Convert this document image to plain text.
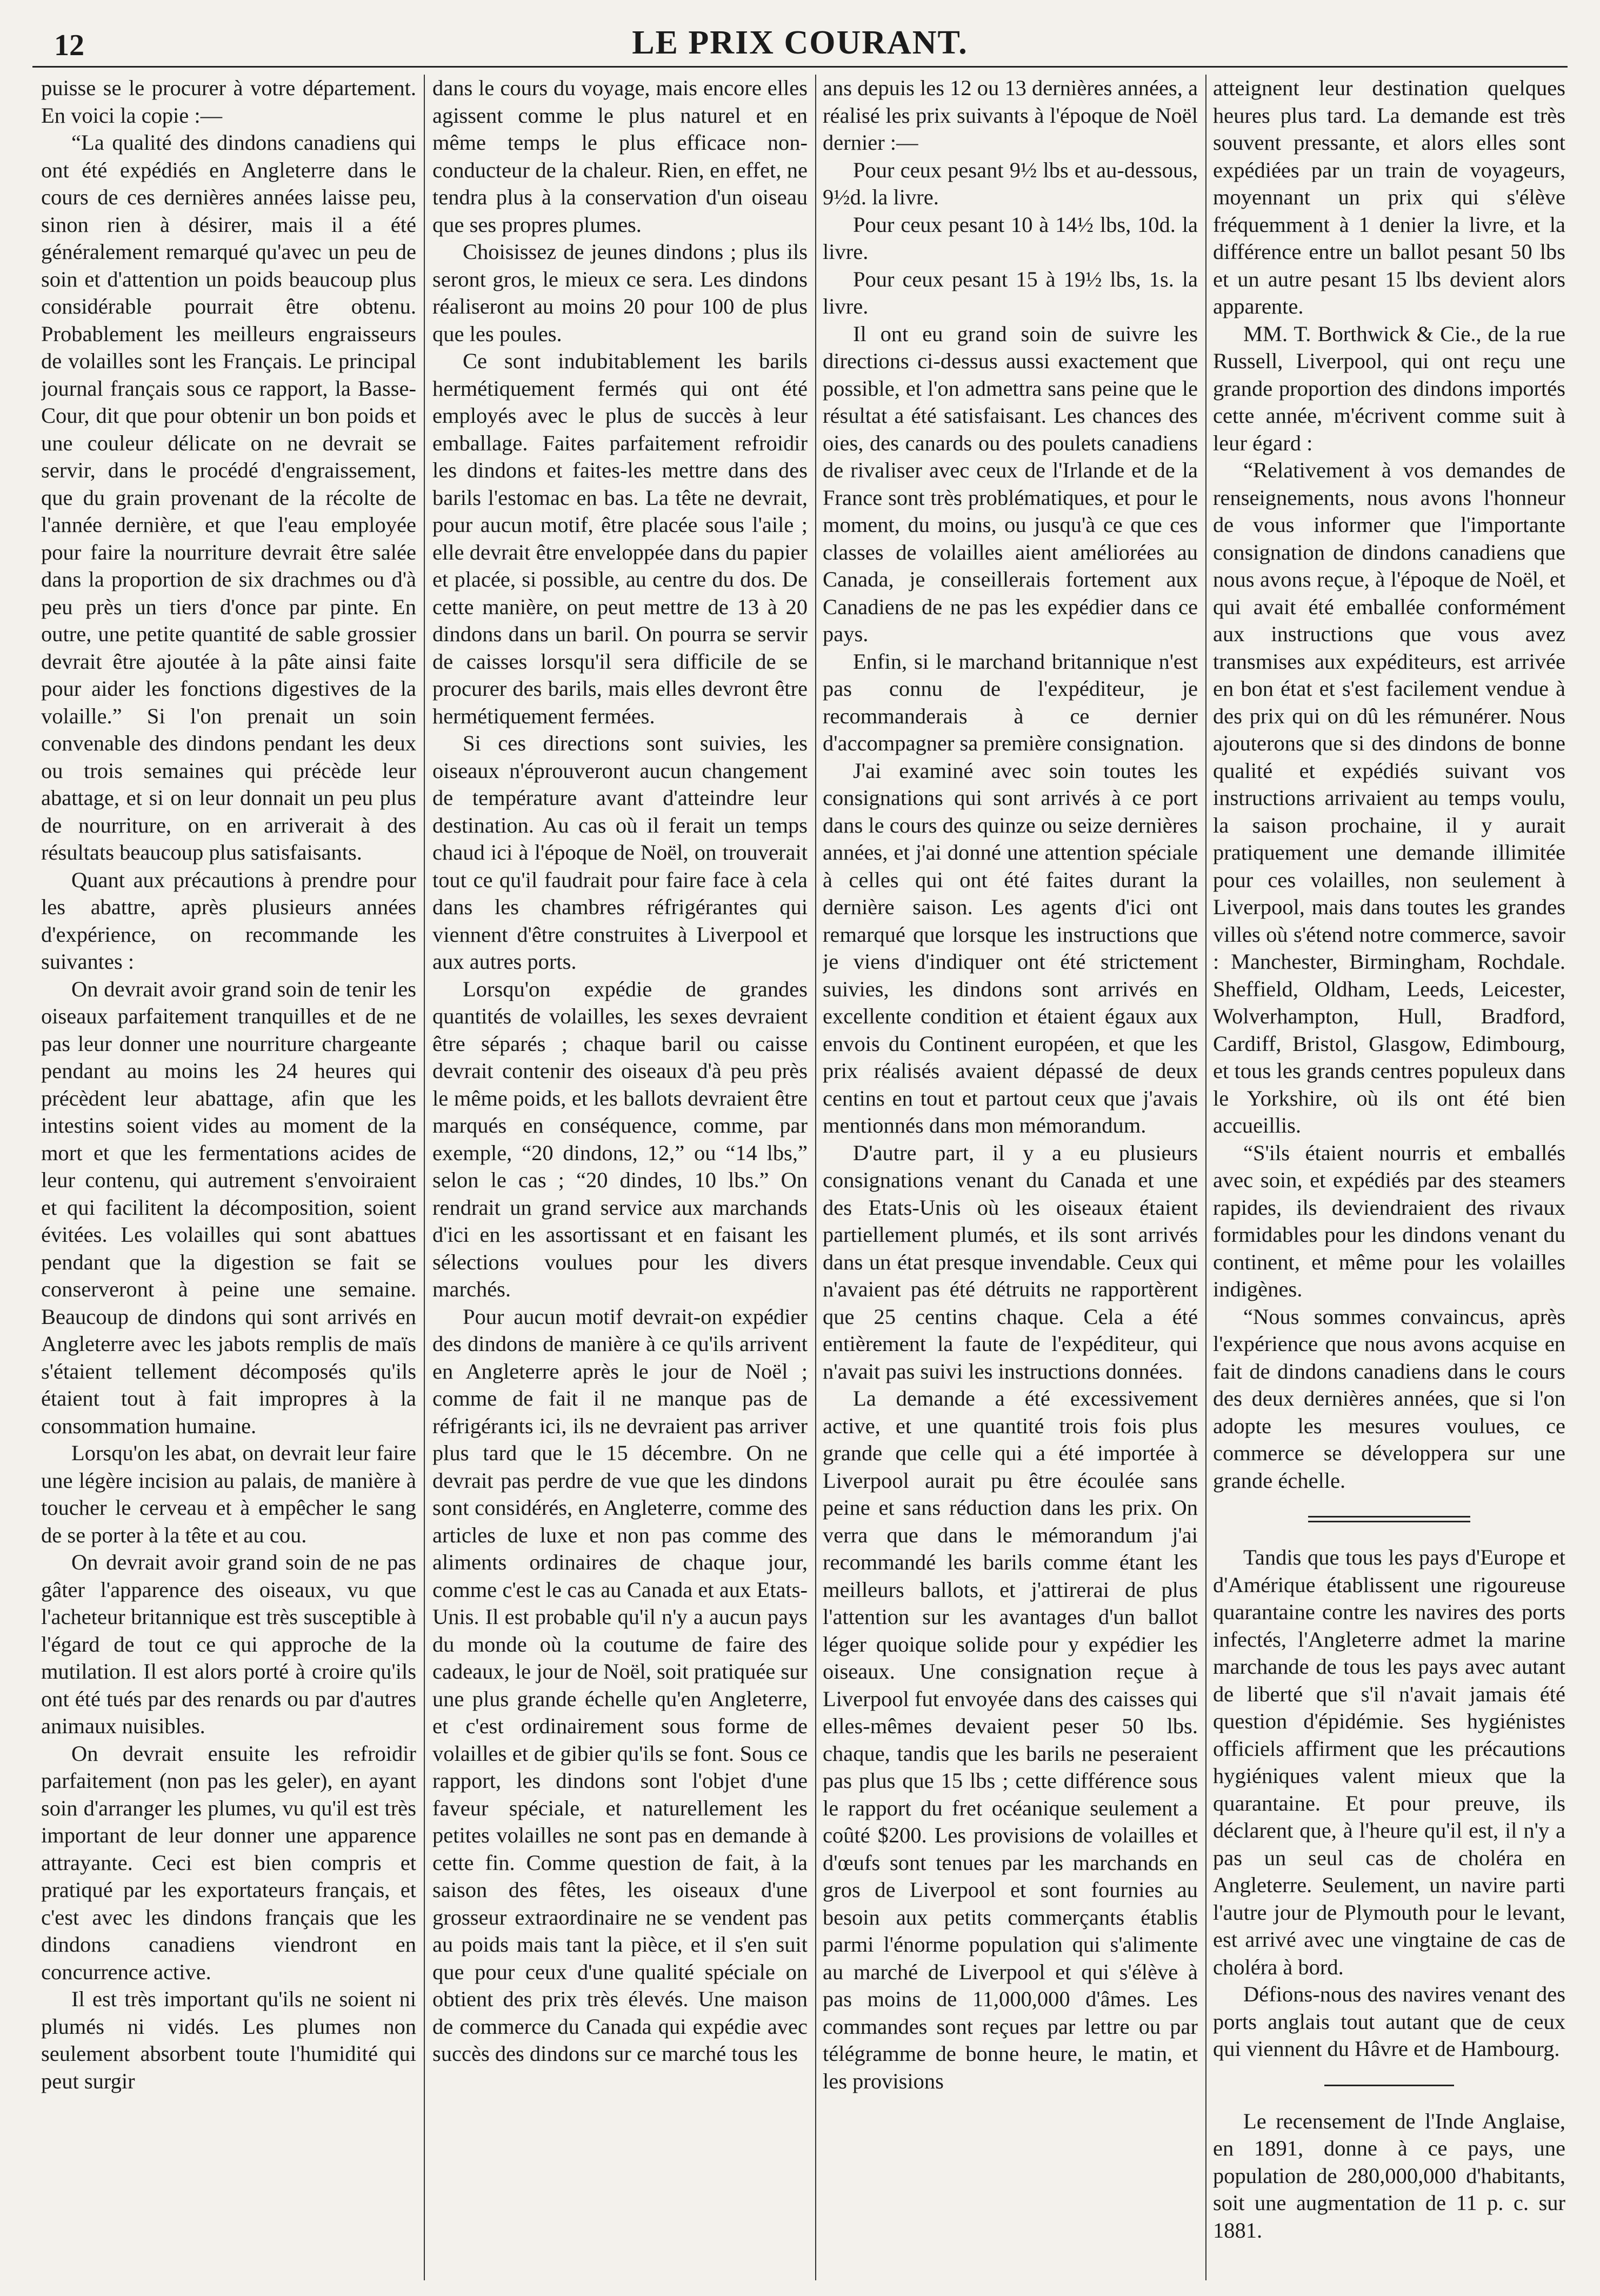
12	LE PRIX COURANT.

puisse se le procurer à votre département. En voici la copie :—

“La qualité des dindons canadiens qui ont été expédiés en Angleterre dans le cours de ces dernières années laisse peu, sinon rien à désirer, mais il a été généralement remarqué qu'avec un peu de soin et d'attention un poids beaucoup plus considérable pourrait être obtenu. Probablement les meilleurs engraisseurs de volailles sont les Français. Le principal journal français sous ce rapport, la Basse-Cour, dit que pour obtenir un bon poids et une couleur délicate on ne devrait se servir, dans le procédé d'engraissement, que du grain provenant de la récolte de l'année dernière, et que l'eau employée pour faire la nourriture devrait être salée dans la proportion de six drachmes ou d'à peu près un tiers d'once par pinte. En outre, une petite quantité de sable grossier devrait être ajoutée à la pâte ainsi faite pour aider les fonctions digestives de la volaille.” Si l'on prenait un soin convenable des dindons pendant les deux ou trois semaines qui précède leur abattage, et si on leur donnait un peu plus de nourriture, on en arriverait à des résultats beaucoup plus satisfaisants.

Quant aux précautions à prendre pour les abattre, après plusieurs années d'expérience, on recommande les suivantes :

On devrait avoir grand soin de tenir les oiseaux parfaitement tranquilles et de ne pas leur donner une nourriture chargeante pendant au moins les 24 heures qui précèdent leur abattage, afin que les intestins soient vides au moment de la mort et que les fermentations acides de leur contenu, qui autrement s'envoiraient et qui facilitent la décomposition, soient évitées. Les volailles qui sont abattues pendant que la digestion se fait se conserveront à peine une semaine. Beaucoup de dindons qui sont arrivés en Angleterre avec les jabots remplis de maïs s'étaient tellement décomposés qu'ils étaient tout à fait impropres à la consommation humaine.

Lorsqu'on les abat, on devrait leur faire une légère incision au palais, de manière à toucher le cerveau et à empêcher le sang de se porter à la tête et au cou.

On devrait avoir grand soin de ne pas gâter l'apparence des oiseaux, vu que l'acheteur britannique est très susceptible à l'égard de tout ce qui approche de la mutilation. Il est alors porté à croire qu'ils ont été tués par des renards ou par d'autres animaux nuisibles.

On devrait ensuite les refroidir parfaitement (non pas les geler), en ayant soin d'arranger les plumes, vu qu'il est très important de leur donner une apparence attrayante. Ceci est bien compris et pratiqué par les exportateurs français, et c'est avec les dindons français que les dindons canadiens viendront en concurrence active.

Il est très important qu'ils ne soient ni plumés ni vidés. Les plumes non seulement absorbent toute l'humidité qui peut surgir

dans le cours du voyage, mais encore elles agissent comme le plus naturel et en même temps le plus efficace non-conducteur de la chaleur. Rien, en effet, ne tendra plus à la conservation d'un oiseau que ses propres plumes.

Choisissez de jeunes dindons ; plus ils seront gros, le mieux ce sera. Les dindons réaliseront au moins 20 pour 100 de plus que les poules.

Ce sont indubitablement les barils hermétiquement fermés qui ont été employés avec le plus de succès à leur emballage. Faites parfaitement refroidir les dindons et faites-les mettre dans des barils l'estomac en bas. La tête ne devrait, pour aucun motif, être placée sous l'aile ; elle devrait être enveloppée dans du papier et placée, si possible, au centre du dos. De cette manière, on peut mettre de 13 à 20 dindons dans un baril. On pourra se servir de caisses lorsqu'il sera difficile de se procurer des barils, mais elles devront être hermétiquement fermées.

Si ces directions sont suivies, les oiseaux n'éprouveront aucun changement de température avant d'atteindre leur destination. Au cas où il ferait un temps chaud ici à l'époque de Noël, on trouverait tout ce qu'il faudrait pour faire face à cela dans les chambres réfrigérantes qui viennent d'être construites à Liverpool et aux autres ports.

Lorsqu'on expédie de grandes quantités de volailles, les sexes devraient être séparés ; chaque baril ou caisse devrait contenir des oiseaux d'à peu près le même poids, et les ballots devraient être marqués en conséquence, comme, par exemple, “20 dindons, 12,” ou “14 lbs,” selon le cas ; “20 dindes, 10 lbs.” On rendrait un grand service aux marchands d'ici en les assortissant et en faisant les sélections voulues pour les divers marchés.

Pour aucun motif devrait-on expédier des dindons de manière à ce qu'ils arrivent en Angleterre après le jour de Noël ; comme de fait il ne manque pas de réfrigérants ici, ils ne devraient pas arriver plus tard que le 15 décembre. On ne devrait pas perdre de vue que les dindons sont considérés, en Angleterre, comme des articles de luxe et non pas comme des aliments ordinaires de chaque jour, comme c'est le cas au Canada et aux Etats-Unis. Il est probable qu'il n'y a aucun pays du monde où la coutume de faire des cadeaux, le jour de Noël, soit pratiquée sur une plus grande échelle qu'en Angleterre, et c'est ordinairement sous forme de volailles et de gibier qu'ils se font. Sous ce rapport, les dindons sont l'objet d'une faveur spéciale, et naturellement les petites volailles ne sont pas en demande à cette fin. Comme question de fait, à la saison des fêtes, les oiseaux d'une grosseur extraordinaire ne se vendent pas au poids mais tant la pièce, et il s'en suit que pour ceux d'une qualité spéciale on obtient des prix très élevés. Une maison de commerce du Canada qui expédie avec succès des dindons sur ce marché tous les

ans depuis les 12 ou 13 dernières années, a réalisé les prix suivants à l'époque de Noël dernier :—

Pour ceux pesant 9½ lbs et au-dessous, 9½d. la livre.

Pour ceux pesant 10 à 14½ lbs, 10d. la livre.

Pour ceux pesant 15 à 19½ lbs, 1s. la livre.

Il ont eu grand soin de suivre les directions ci-dessus aussi exactement que possible, et l'on admettra sans peine que le résultat a été satisfaisant. Les chances des oies, des canards ou des poulets canadiens de rivaliser avec ceux de l'Irlande et de la France sont très problématiques, et pour le moment, du moins, ou jusqu'à ce que ces classes de volailles aient améliorées au Canada, je conseillerais fortement aux Canadiens de ne pas les expédier dans ce pays.

Enfin, si le marchand britannique n'est pas connu de l'expéditeur, je recommanderais à ce dernier d'accompagner sa première consignation.

J'ai examiné avec soin toutes les consignations qui sont arrivés à ce port dans le cours des quinze ou seize dernières années, et j'ai donné une attention spéciale à celles qui ont été faites durant la dernière saison. Les agents d'ici ont remarqué que lorsque les instructions que je viens d'indiquer ont été strictement suivies, les dindons sont arrivés en excellente condition et étaient égaux aux envois du Continent européen, et que les prix réalisés avaient dépassé de deux centins en tout et partout ceux que j'avais mentionnés dans mon mémorandum.

D'autre part, il y a eu plusieurs consignations venant du Canada et une des Etats-Unis où les oiseaux étaient partiellement plumés, et ils sont arrivés dans un état presque invendable. Ceux qui n'avaient pas été détruits ne rapportèrent que 25 centins chaque. Cela a été entièrement la faute de l'expéditeur, qui n'avait pas suivi les instructions données.

La demande a été excessivement active, et une quantité trois fois plus grande que celle qui a été importée à Liverpool aurait pu être écoulée sans peine et sans réduction dans les prix. On verra que dans le mémorandum j'ai recommandé les barils comme étant les meilleurs ballots, et j'attirerai de plus l'attention sur les avantages d'un ballot léger quoique solide pour y expédier les oiseaux. Une consignation reçue à Liverpool fut envoyée dans des caisses qui elles-mêmes devaient peser 50 lbs. chaque, tandis que les barils ne peseraient pas plus que 15 lbs ; cette différence sous le rapport du fret océanique seulement a coûté $200. Les provisions de volailles et d'œufs sont tenues par les marchands en gros de Liverpool et sont fournies au besoin aux petits commerçants établis parmi l'énorme population qui s'alimente au marché de Liverpool et qui s'élève à pas moins de 11,000,000 d'âmes. Les commandes sont reçues par lettre ou par télégramme de bonne heure, le matin, et les provisions

atteignent leur destination quelques heures plus tard. La demande est très souvent pressante, et alors elles sont expédiées par un train de voyageurs, moyennant un prix qui s'élève fréquemment à 1 denier la livre, et la différence entre un ballot pesant 50 lbs et un autre pesant 15 lbs devient alors apparente.

MM. T. Borthwick & Cie., de la rue Russell, Liverpool, qui ont reçu une grande proportion des dindons importés cette année, m'écrivent comme suit à leur égard :

“Relativement à vos demandes de renseignements, nous avons l'honneur de vous informer que l'importante consignation de dindons canadiens que nous avons reçue, à l'époque de Noël, et qui avait été emballée conformément aux instructions que vous avez transmises aux expéditeurs, est arrivée en bon état et s'est facilement vendue à des prix qui on dû les rémunérer. Nous ajouterons que si des dindons de bonne qualité et expédiés suivant vos instructions arrivaient au temps voulu, la saison prochaine, il y aurait pratiquement une demande illimitée pour ces volailles, non seulement à Liverpool, mais dans toutes les grandes villes où s'étend notre commerce, savoir : Manchester, Birmingham, Rochdale. Sheffield, Oldham, Leeds, Leicester, Wolverhampton, Hull, Bradford, Cardiff, Bristol, Glasgow, Edimbourg, et tous les grands centres populeux dans le Yorkshire, où ils ont été bien accueillis.

“S'ils étaient nourris et emballés avec soin, et expédiés par des steamers rapides, ils deviendraient des rivaux formidables pour les dindons venant du continent, et même pour les volailles indigènes.

“Nous sommes convaincus, après l'expérience que nous avons acquise en fait de dindons canadiens dans le cours des deux dernières années, que si l'on adopte les mesures voulues, ce commerce se développera sur une grande échelle.

Tandis que tous les pays d'Europe et d'Amérique établissent une rigoureuse quarantaine contre les navires des ports infectés, l'Angleterre admet la marine marchande de tous les pays avec autant de liberté que s'il n'avait jamais été question d'épidémie. Ses hygiénistes officiels affirment que les précautions hygiéniques valent mieux que la quarantaine. Et pour preuve, ils déclarent que, à l'heure qu'il est, il n'y a pas un seul cas de choléra en Angleterre. Seulement, un navire parti l'autre jour de Plymouth pour le levant, est arrivé avec une vingtaine de cas de choléra à bord.

Défions-nous des navires venant des ports anglais tout autant que de ceux qui viennent du Hâvre et de Hambourg.

Le recensement de l'Inde Anglaise, en 1891, donne à ce pays, une population de 280,000,000 d'habitants, soit une augmentation de 11 p. c. sur 1881.
